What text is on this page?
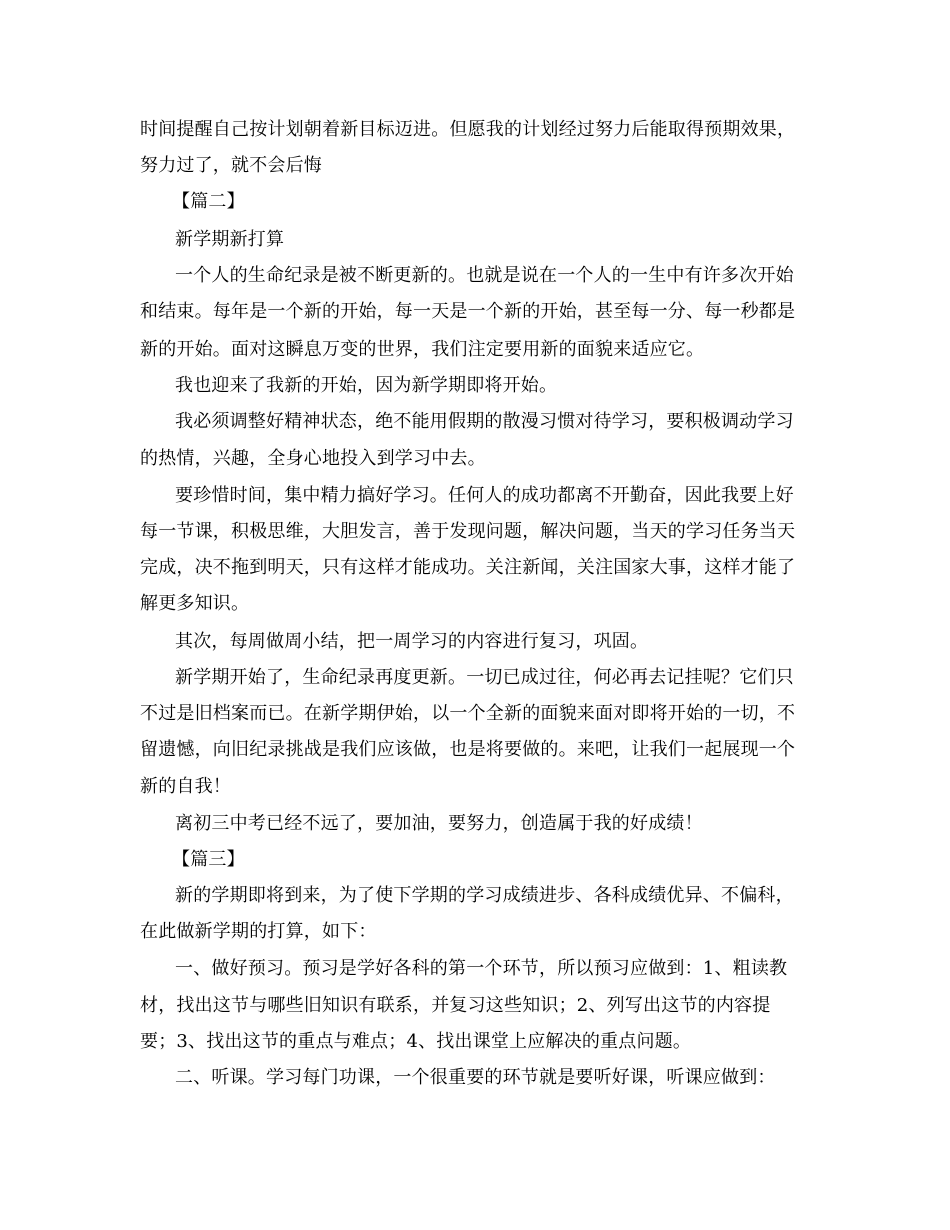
时间提醒自己按计划朝着新目标迈进。但愿我的计划经过努力后能取得预期效果，
努力过了，就不会后悔
【篇二】
新学期新打算
一个人的生命纪录是被不断更新的。也就是说在一个人的一生中有许多次开始
和结束。每年是一个新的开始，每一天是一个新的开始，甚至每一分、每一秒都是
新的开始。面对这瞬息万变的世界，我们注定要用新的面貌来适应它。
我也迎来了我新的开始，因为新学期即将开始。
我必须调整好精神状态，绝不能用假期的散漫习惯对待学习，要积极调动学习
的热情，兴趣，全身心地投入到学习中去。
要珍惜时间，集中精力搞好学习。任何人的成功都离不开勤奋，因此我要上好
每一节课，积极思维，大胆发言，善于发现问题，解决问题，当天的学习任务当天
完成，决不拖到明天，只有这样才能成功。关注新闻，关注国家大事，这样才能了
解更多知识。
其次，每周做周小结，把一周学习的内容进行复习，巩固。
新学期开始了，生命纪录再度更新。一切已成过往，何必再去记挂呢？它们只
不过是旧档案而已。在新学期伊始，以一个全新的面貌来面对即将开始的一切，不
留遗憾，向旧纪录挑战是我们应该做，也是将要做的。来吧，让我们一起展现一个
新的自我！
离初三中考已经不远了，要加油，要努力，创造属于我的好成绩！
【篇三】
新的学期即将到来，为了使下学期的学习成绩进步、各科成绩优异、不偏科，
在此做新学期的打算，如下：
一、做好预习。预习是学好各科的第一个环节，所以预习应做到：1、粗读教
材，找出这节与哪些旧知识有联系，并复习这些知识；2、列写出这节的内容提
要；3、找出这节的重点与难点；4、找出课堂上应解决的重点问题。
二、听课。学习每门功课，一个很重要的环节就是要听好课，听课应做到：
